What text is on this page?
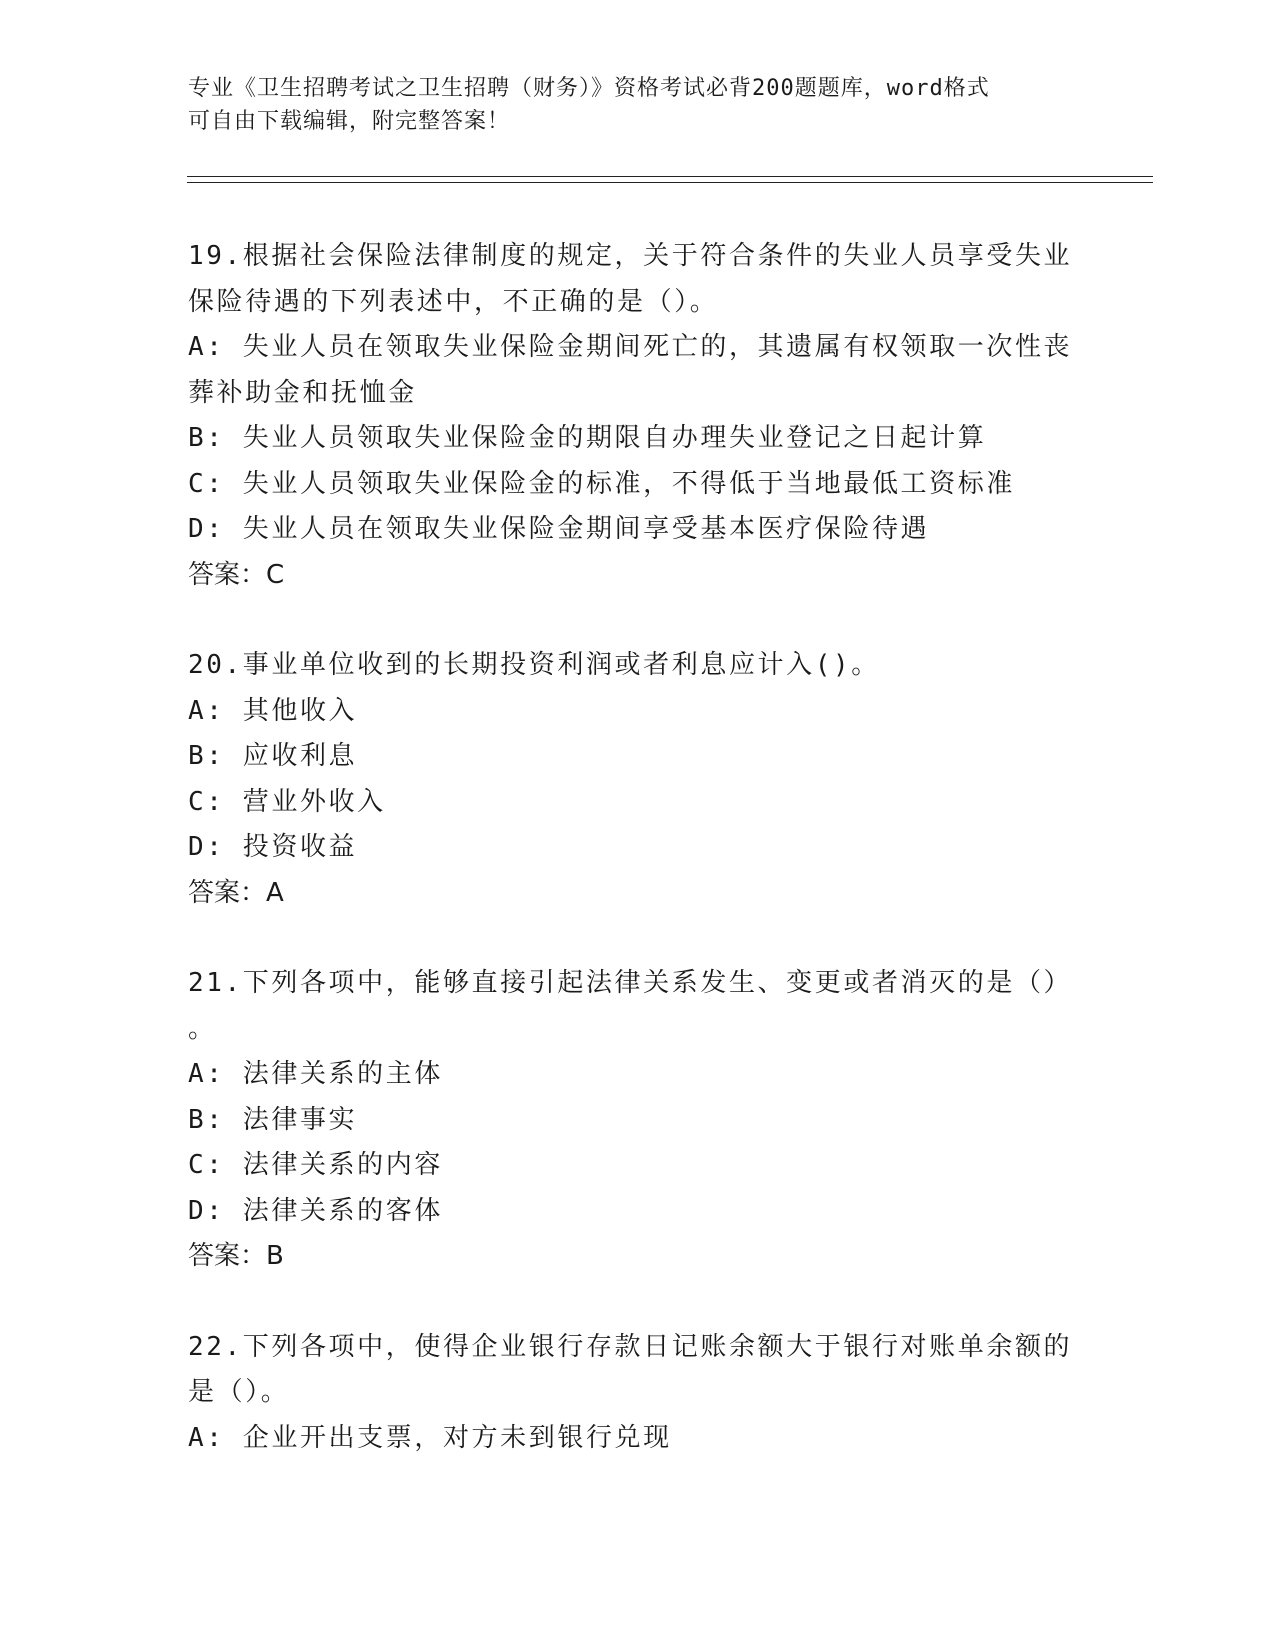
专业《卫生招聘考试之卫生招聘（财务）》资格考试必背200题题库，word格式
可自由下载编辑，附完整答案！
19.根据社会保险法律制度的规定，关于符合条件的失业人员享受失业
保险待遇的下列表述中，不正确的是（）。
A: 失业人员在领取失业保险金期间死亡的，其遗属有权领取一次性丧
葬补助金和抚恤金
B: 失业人员领取失业保险金的期限自办理失业登记之日起计算
C: 失业人员领取失业保险金的标准，不得低于当地最低工资标准
D: 失业人员在领取失业保险金期间享受基本医疗保险待遇
答案：C
20.事业单位收到的长期投资利润或者利息应计入()。
A: 其他收入
B: 应收利息
C: 营业外收入
D: 投资收益
答案：A
21.下列各项中，能够直接引起法律关系发生、变更或者消灭的是（）
。
A: 法律关系的主体
B: 法律事实
C: 法律关系的内容
D: 法律关系的客体
答案：B
22.下列各项中，使得企业银行存款日记账余额大于银行对账单余额的
是（）。
A: 企业开出支票，对方未到银行兑现
